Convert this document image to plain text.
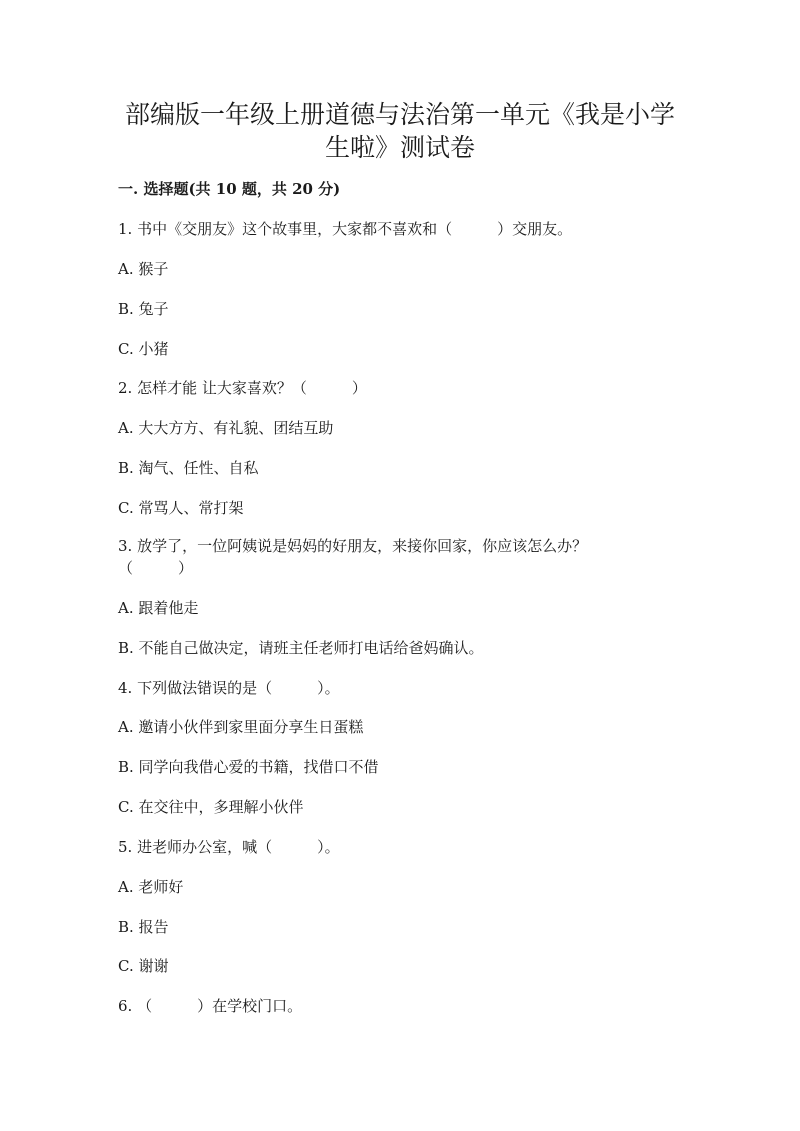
部编版一年级上册道德与法治第一单元《我是小学
生啦》测试卷
一. 选择题(共 10 题，共 20 分)
1. 书中《交朋友》这个故事里，大家都不喜欢和（　　　）交朋友。
A. 猴子
B. 兔子
C. 小猪
2. 怎样才能 让大家喜欢？（　　　）
A. 大大方方、有礼貌、团结互助
B. 淘气、任性、自私
C. 常骂人、常打架
3. 放学了，一位阿姨说是妈妈的好朋友，来接你回家，你应该怎么办？
（　　　）
A. 跟着他走
B. 不能自己做决定，请班主任老师打电话给爸妈确认。
4. 下列做法错误的是（　　　）。
A. 邀请小伙伴到家里面分享生日蛋糕
B. 同学向我借心爱的书籍，找借口不借
C. 在交往中，多理解小伙伴
5. 进老师办公室，喊（　　　）。
A. 老师好
B. 报告
C. 谢谢
6. （　　　）在学校门口。
